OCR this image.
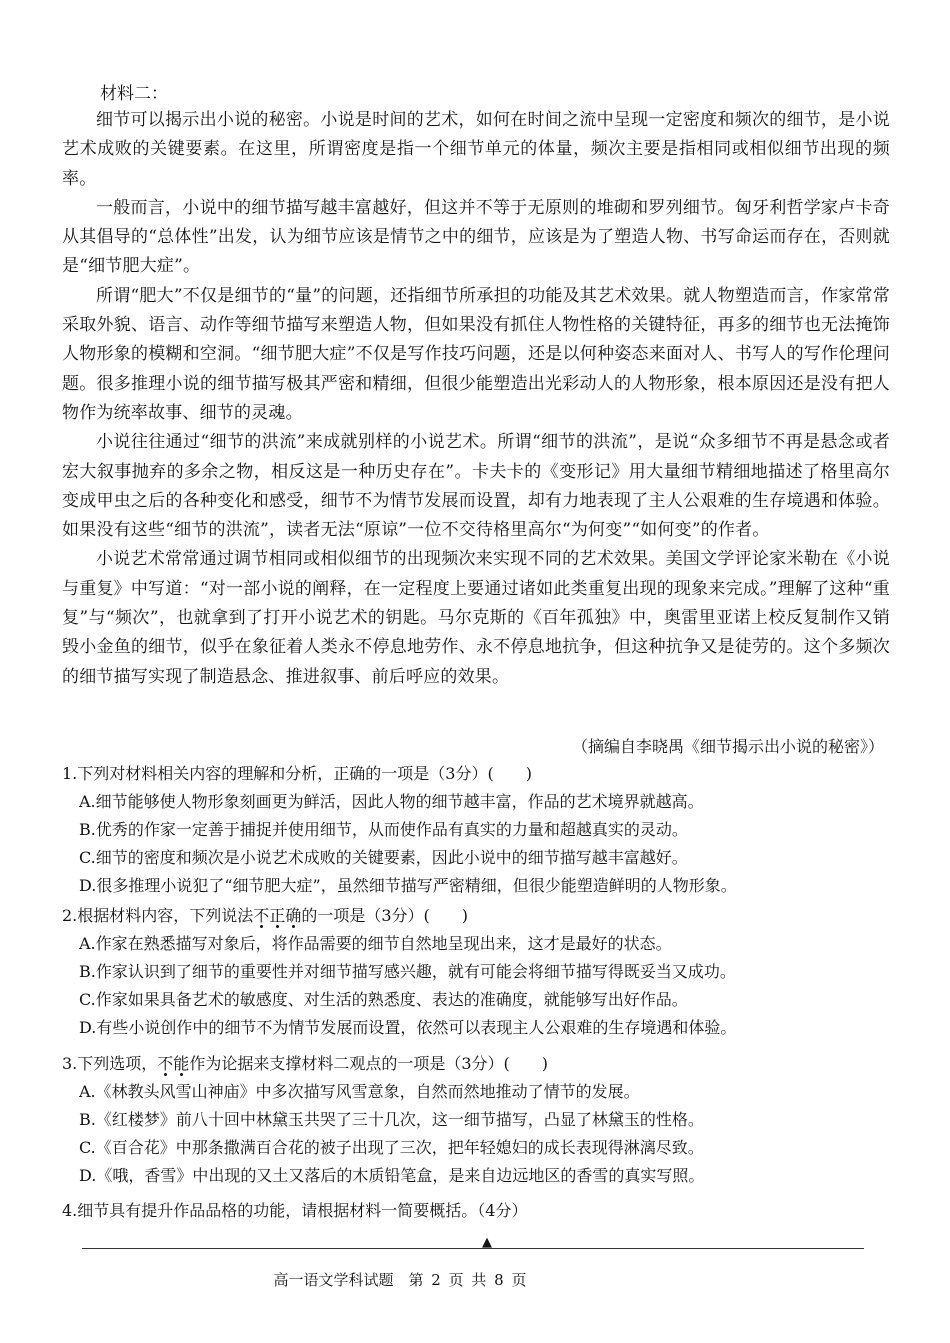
材料二：

细节可以揭示出小说的秘密。小说是时间的艺术，如何在时间之流中呈现一定密度和频次的细节，是小说艺术成败的关键要素。在这里，所谓密度是指一个细节单元的体量，频次主要是指相同或相似细节出现的频率。

一般而言，小说中的细节描写越丰富越好，但这并不等于无原则的堆砌和罗列细节。匈牙利哲学家卢卡奇从其倡导的“总体性”出发，认为细节应该是情节之中的细节，应该是为了塑造人物、书写命运而存在，否则就是“细节肥大症”。

所谓“肥大”不仅是细节的“量”的问题，还指细节所承担的功能及其艺术效果。就人物塑造而言，作家常常采取外貌、语言、动作等细节描写来塑造人物，但如果没有抓住人物性格的关键特征，再多的细节也无法掩饰人物形象的模糊和空洞。“细节肥大症”不仅是写作技巧问题，还是以何种姿态来面对人、书写人的写作伦理问题。很多推理小说的细节描写极其严密和精细，但很少能塑造出光彩动人的人物形象，根本原因还是没有把人物作为统率故事、细节的灵魂。

小说往往通过“细节的洪流”来成就别样的小说艺术。所谓“细节的洪流”，是说“众多细节不再是悬念或者宏大叙事抛弃的多余之物，相反这是一种历史存在”。卡夫卡的《变形记》用大量细节精细地描述了格里高尔变成甲虫之后的各种变化和感受，细节不为情节发展而设置，却有力地表现了主人公艰难的生存境遇和体验。如果没有这些“细节的洪流”，读者无法“原谅”一位不交待格里高尔“为何变”“如何变”的作者。

小说艺术常常通过调节相同或相似细节的出现频次来实现不同的艺术效果。美国文学评论家米勒在《小说与重复》中写道：“对一部小说的阐释，在一定程度上要通过诸如此类重复出现的现象来完成。”理解了这种“重复”与“频次”，也就拿到了打开小说艺术的钥匙。马尔克斯的《百年孤独》中，奥雷里亚诺上校反复制作又销毁小金鱼的细节，似乎在象征着人类永不停息地劳作、永不停息地抗争，但这种抗争又是徒劳的。这个多频次的细节描写实现了制造悬念、推进叙事、前后呼应的效果。

（摘编自李晓禺《细节揭示出小说的秘密》）

1.下列对材料相关内容的理解和分析，正确的一项是（3分）(　　)

A.细节能够使人物形象刻画更为鲜活，因此人物的细节越丰富，作品的艺术境界就越高。

B.优秀的作家一定善于捕捉并使用细节，从而使作品有真实的力量和超越真实的灵动。

C.细节的密度和频次是小说艺术成败的关键要素，因此小说中的细节描写越丰富越好。

D.很多推理小说犯了“细节肥大症”，虽然细节描写严密精细，但很少能塑造鲜明的人物形象。

2.根据材料内容，下列说法不正确的一项是（3分）(　　)

A.作家在熟悉描写对象后，将作品需要的细节自然地呈现出来，这才是最好的状态。

B.作家认识到了细节的重要性并对细节描写感兴趣，就有可能会将细节描写得既妥当又成功。

C.作家如果具备艺术的敏感度、对生活的熟悉度、表达的准确度，就能够写出好作品。

D.有些小说创作中的细节不为情节发展而设置，依然可以表现主人公艰难的生存境遇和体验。

3.下列选项，不能作为论据来支撑材料二观点的一项是（3分）(　　)

A.《林教头风雪山神庙》中多次描写风雪意象，自然而然地推动了情节的发展。

B.《红楼梦》前八十回中林黛玉共哭了三十几次，这一细节描写，凸显了林黛玉的性格。

C.《百合花》中那条撒满百合花的被子出现了三次，把年轻媳妇的成长表现得淋漓尽致。

D.《哦，香雪》中出现的又土又落后的木质铅笔盒，是来自边远地区的香雪的真实写照。

4.细节具有提升作品品格的功能，请根据材料一简要概括。（4分）

▲
高一语文学科试题　第 2 页 共 8 页
